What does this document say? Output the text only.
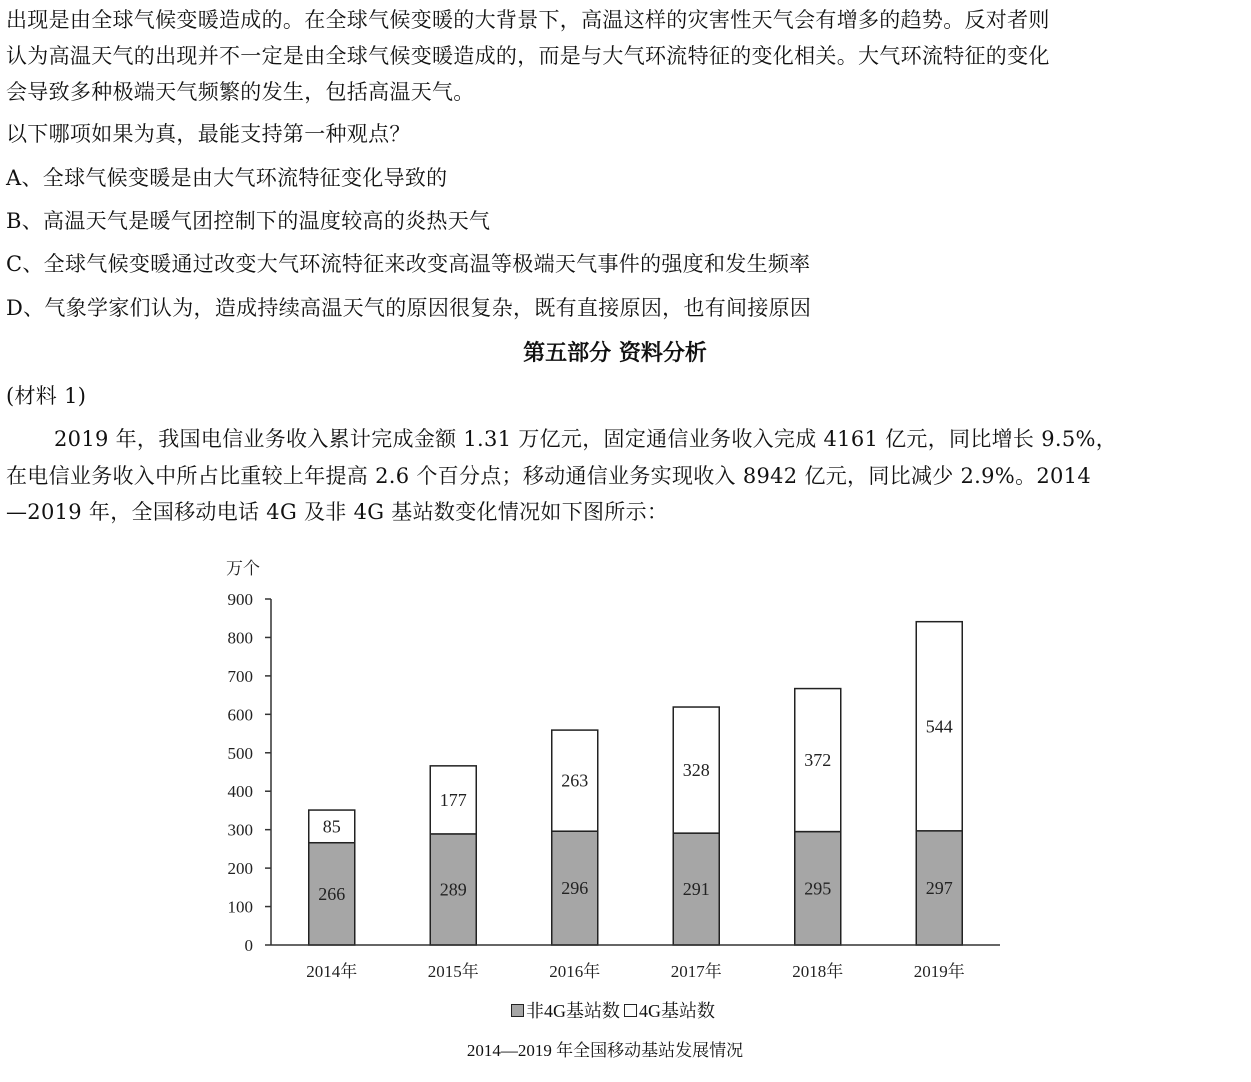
出现是由全球气候变暖造成的。在全球气候变暖的大背景下，高温这样的灾害性天气会有增多的趋势。反对者则
认为高温天气的出现并不一定是由全球气候变暖造成的，而是与大气环流特征的变化相关。大气环流特征的变化
会导致多种极端天气频繁的发生，包括高温天气。
以下哪项如果为真，最能支持第一种观点？
A、全球气候变暖是由大气环流特征变化导致的
B、高温天气是暖气团控制下的温度较高的炎热天气
C、全球气候变暖通过改变大气环流特征来改变高温等极端天气事件的强度和发生频率
D、气象学家们认为，造成持续高温天气的原因很复杂，既有直接原因，也有间接原因
第五部分 资料分析
(材料 1)
2019 年，我国电信业务收入累计完成金额 1.31 万亿元，固定通信业务收入完成 4161 亿元，同比增长 9.5%，
在电信业务收入中所占比重较上年提高 2.6 个百分点；移动通信业务实现收入 8942 亿元，同比减少 2.9%。2014
—2019 年，全国移动电话 4G 及非 4G 基站数变化情况如下图所示：
万个
0
100
200
300
400
500
600
700
800
900
266
85
2014年
289
177
2015年
296
263
2016年
291
328
2017年
295
372
2018年
297
544
2019年
非4G基站数 4G基站数
2014—2019 年全国移动基站发展情况
